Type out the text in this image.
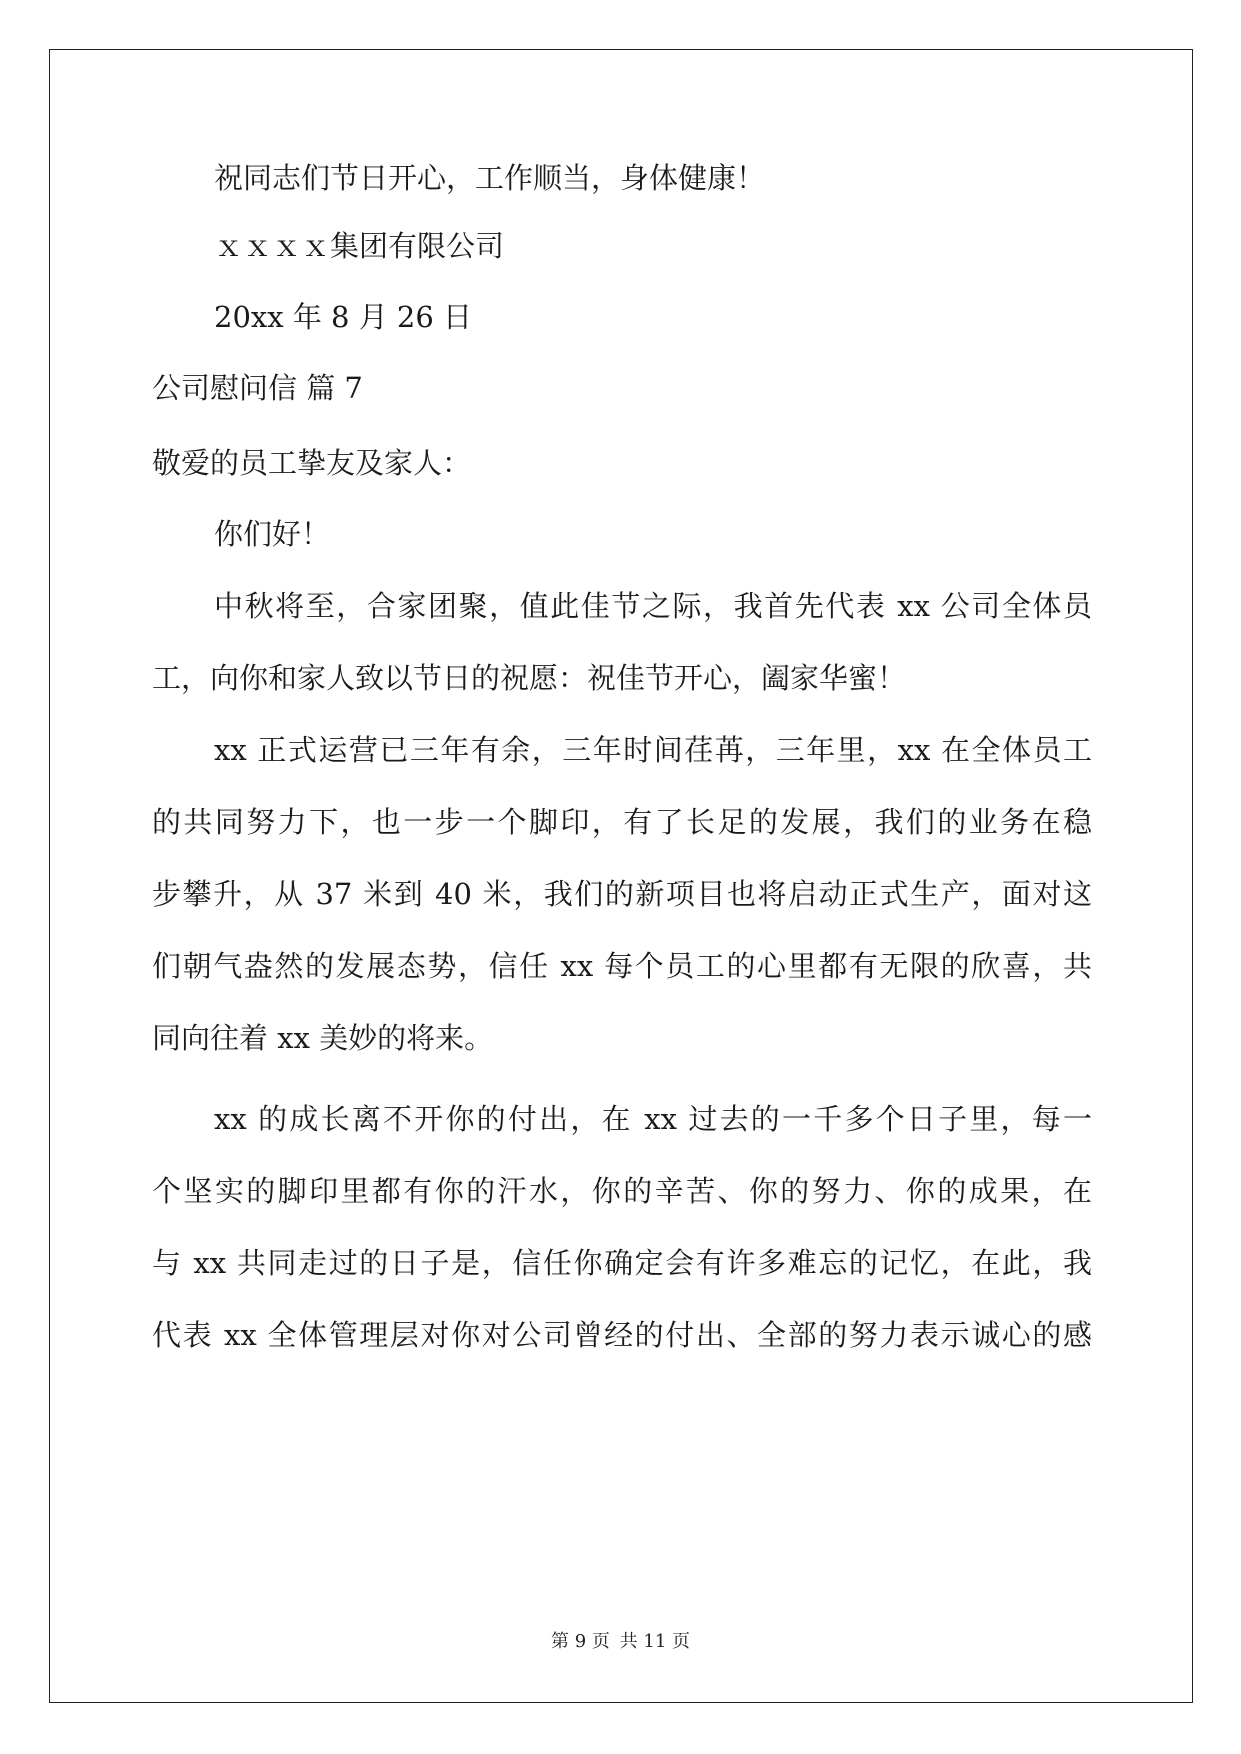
祝同志们节日开心，工作顺当，身体健康！
ｘｘｘｘ集团有限公司
20xx 年 8 月 26 日
公司慰问信 篇 7
敬爱的员工挚友及家人：
你们好！
中秋将至，合家团聚，值此佳节之际，我首先代表 xx 公司全体员
工，向你和家人致以节日的祝愿：祝佳节开心，阖家华蜜！
xx 正式运营已三年有余，三年时间荏苒，三年里，xx 在全体员工
的共同努力下，也一步一个脚印，有了长足的发展，我们的业务在稳
步攀升，从 37 米到 40 米，我们的新项目也将启动正式生产，面对这
们朝气盎然的发展态势，信任 xx 每个员工的心里都有无限的欣喜，共
同向往着 xx 美妙的将来。
xx 的成长离不开你的付出，在 xx 过去的一千多个日子里，每一
个坚实的脚印里都有你的汗水，你的辛苦、你的努力、你的成果，在
与 xx 共同走过的日子是，信任你确定会有许多难忘的记忆，在此，我
代表 xx 全体管理层对你对公司曾经的付出、全部的努力表示诚心的感
第 9 页 共 11 页
